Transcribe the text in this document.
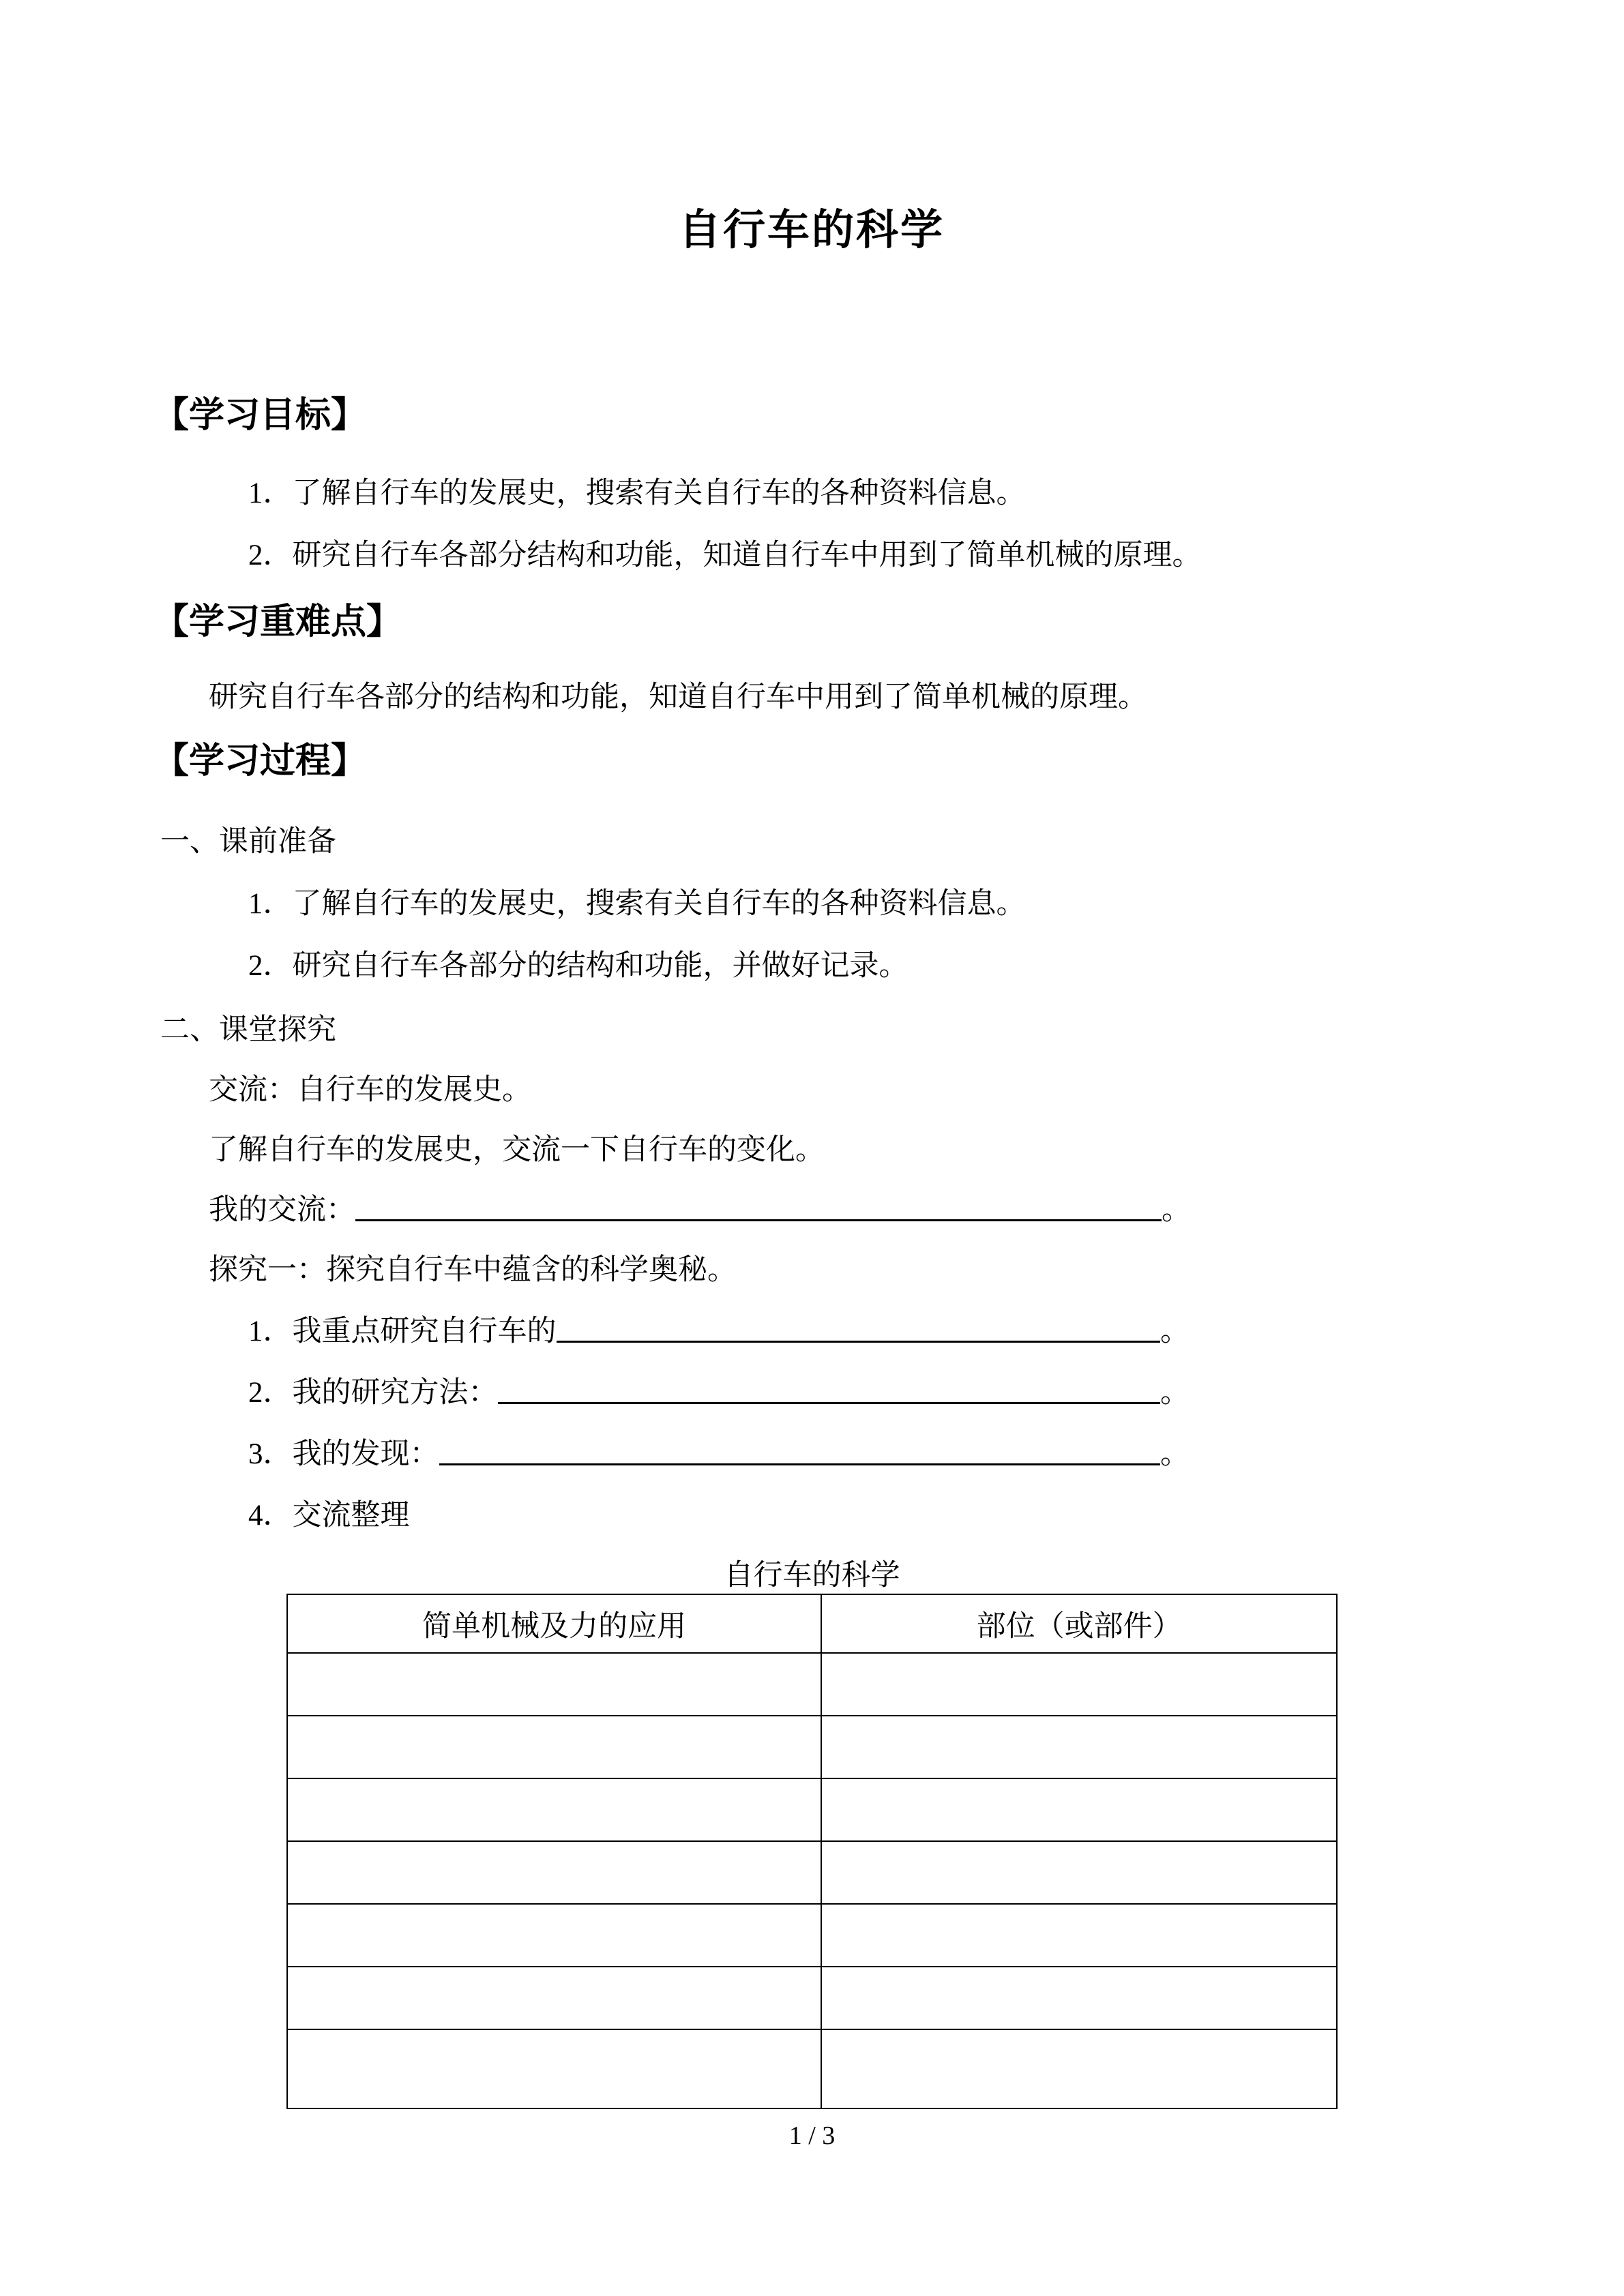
自行车的科学
【学习目标】

1．了解自行车的发展史，搜索有关自行车的各种资料信息。

2．研究自行车各部分结构和功能，知道自行车中用到了简单机械的原理。

【学习重难点】

研究自行车各部分的结构和功能，知道自行车中用到了简单机械的原理。

【学习过程】

一、课前准备

1．了解自行车的发展史，搜索有关自行车的各种资料信息。

2．研究自行车各部分的结构和功能，并做好记录。

二、课堂探究

交流：自行车的发展史。

了解自行车的发展史，交流一下自行车的变化。

我的交流：	。

探究一：探究自行车中蕴含的科学奥秘。

1．我重点研究自行车的	。
2．我的研究方法：	。
3．我的发现：	。

4．交流整理

自行车的科学

简单机械及力的应用	部位（或部件）

1 / 3
